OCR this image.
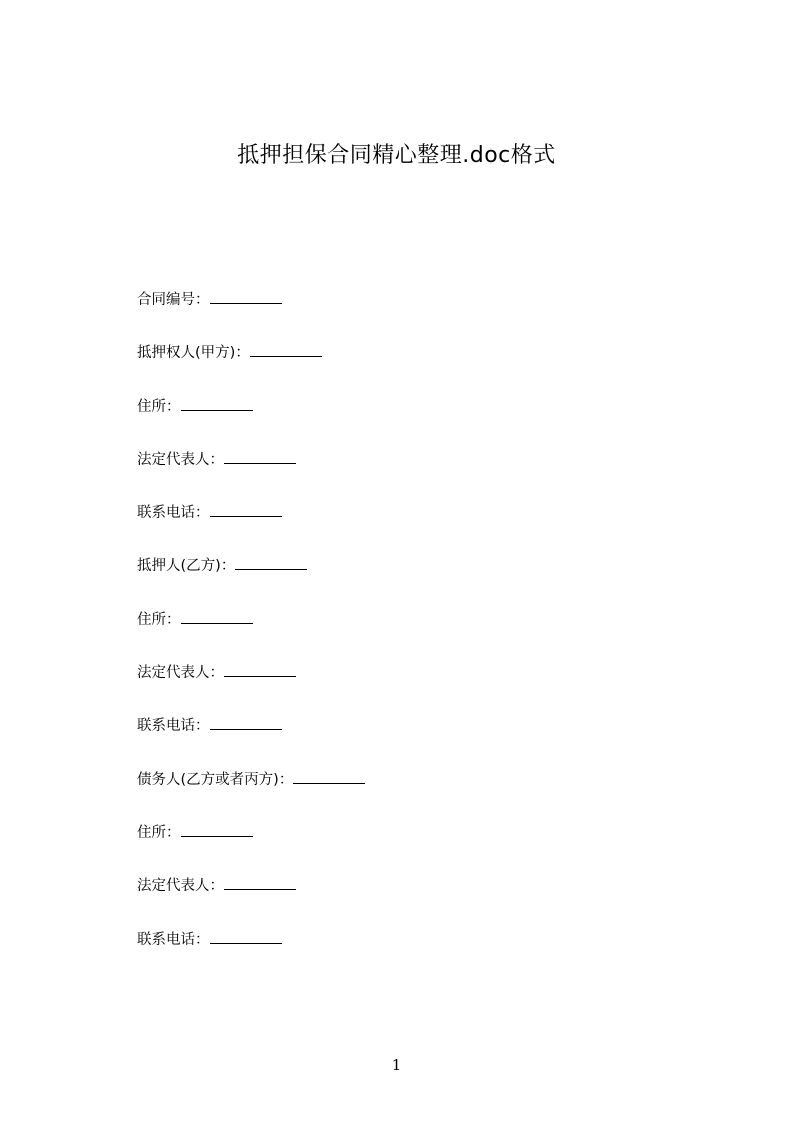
抵押担保合同精心整理.doc格式
合同编号：
抵押权人(甲方)：
住所：
法定代表人：
联系电话：
抵押人(乙方)：
住所：
法定代表人：
联系电话：
债务人(乙方或者丙方)：
住所：
法定代表人：
联系电话：
1
